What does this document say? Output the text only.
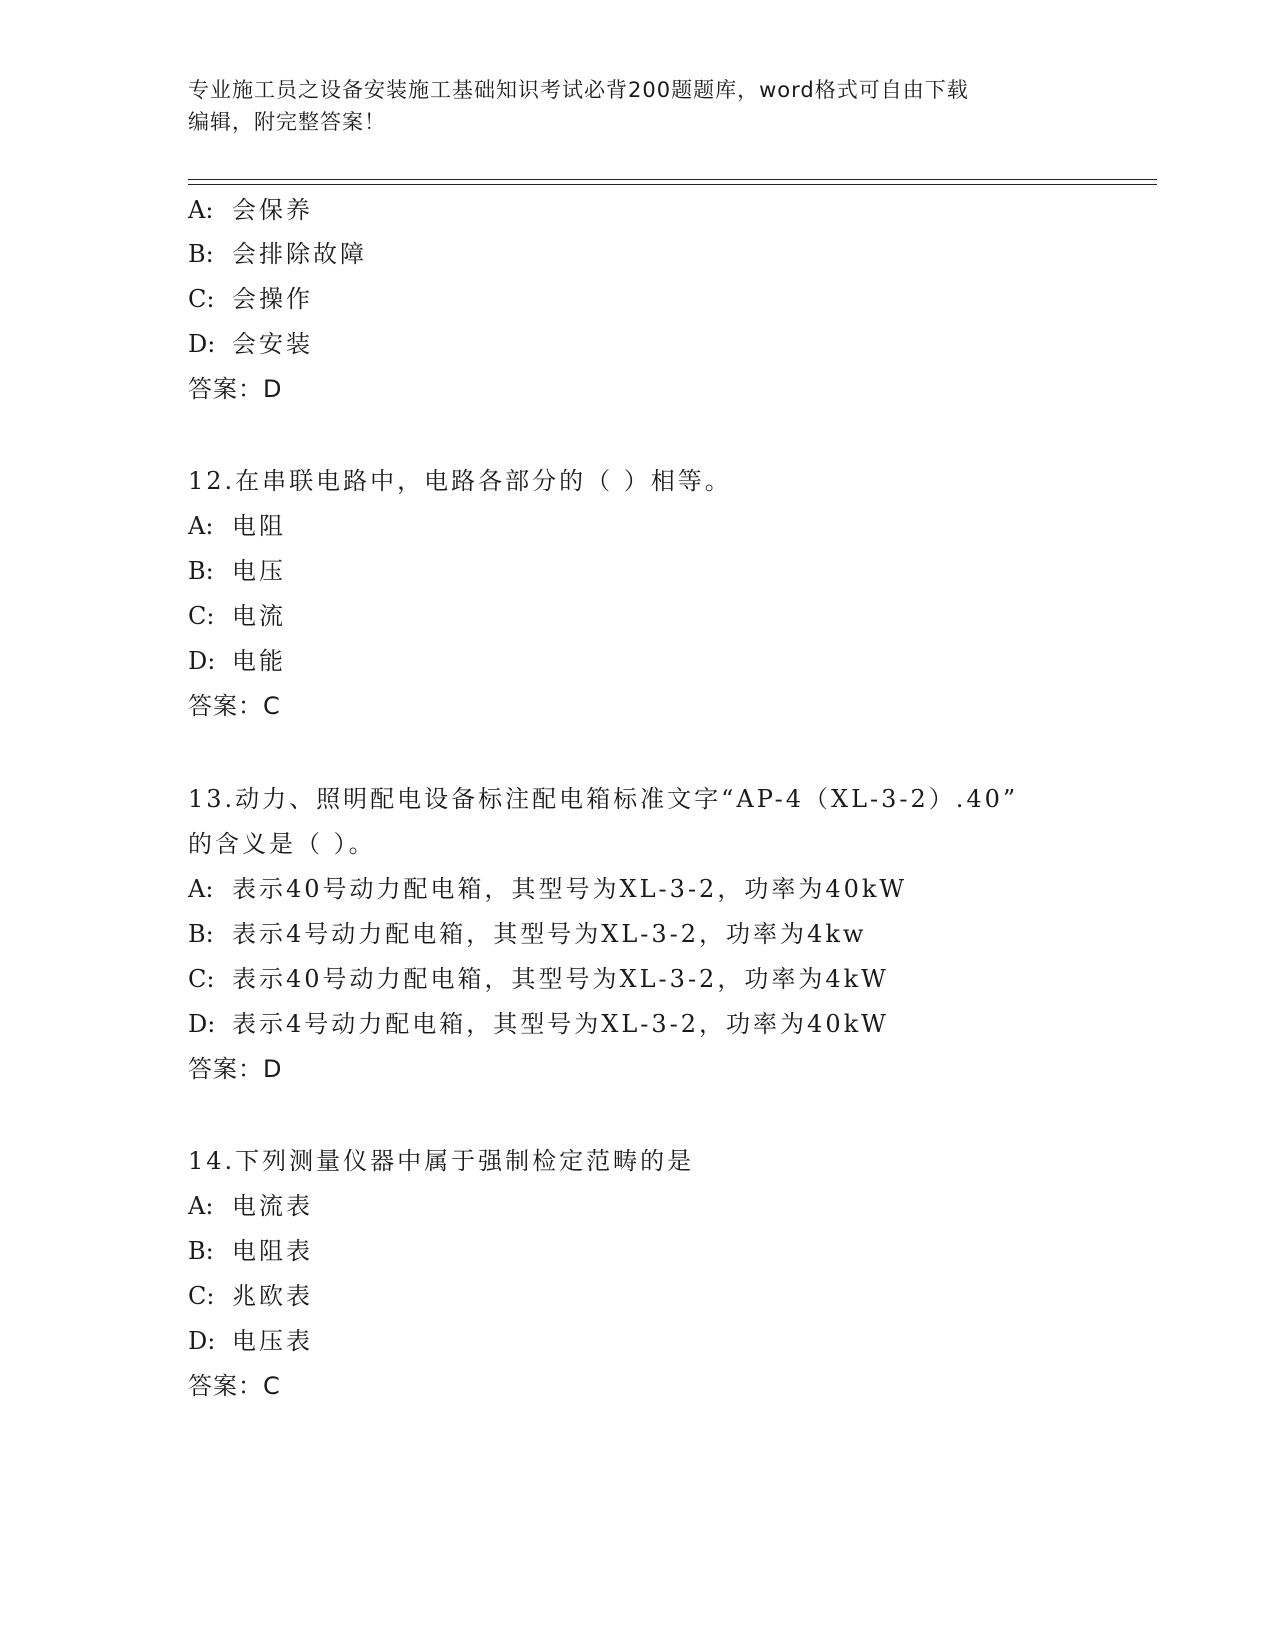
专业施工员之设备安装施工基础知识考试必背200题题库，word格式可自由下载
编辑，附完整答案！
A: 会保养
B: 会排除故障
C: 会操作
D: 会安装
答案：D
12.在串联电路中，电路各部分的（ ）相等。
A: 电阻
B: 电压
C: 电流
D: 电能
答案：C
13.动力、照明配电设备标注配电箱标准文字“AP-4（XL-3-2）.40”
的含义是（ ）。
A: 表示40号动力配电箱，其型号为XL-3-2，功率为40kW
B: 表示4号动力配电箱，其型号为XL-3-2，功率为4kw
C: 表示40号动力配电箱，其型号为XL-3-2，功率为4kW
D: 表示4号动力配电箱，其型号为XL-3-2，功率为40kW
答案：D
14.下列测量仪器中属于强制检定范畴的是
A: 电流表
B: 电阻表
C: 兆欧表
D: 电压表
答案：C
